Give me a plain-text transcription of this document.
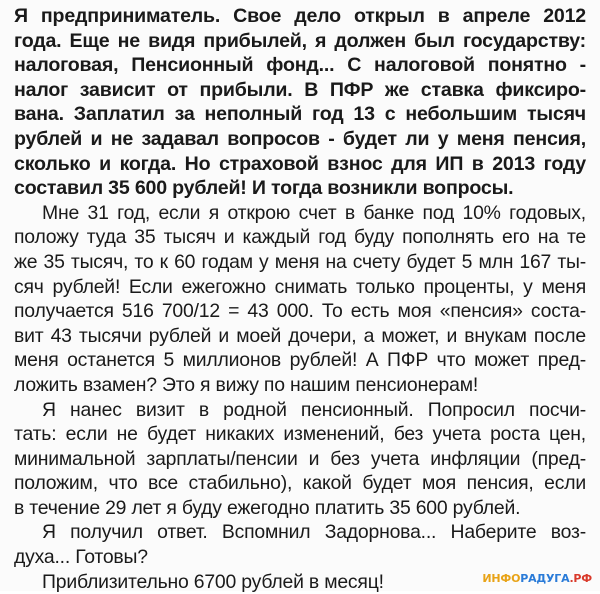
Я предприниматель. Свое дело открыл в апреле 2012
года. Еще не видя прибылей, я должен был государству:
налоговая, Пенсионный фонд... С налоговой понятно -
налог зависит от прибыли. В ПФР же ставка фиксиро-
вана. Заплатил за неполный год 13 с небольшим тысяч
рублей и не задавал вопросов - будет ли у меня пенсия,
сколько и когда. Но страховой взнос для ИП в 2013 году
составил 35 600 рублей! И тогда возникли вопросы.
Мне 31 год, если я открою счет в банке под 10% годовых,
положу туда 35 тысяч и каждый год буду пополнять его на те
же 35 тысяч, то к 60 годам у меня на счету будет 5 млн 167 ты-
сяч рублей! Если ежегожно снимать только проценты, у меня
получается 516 700/12 = 43 000. То есть моя «пенсия» соста-
вит 43 тысячи рублей и моей дочери, а может, и внукам после
меня останется 5 миллионов рублей! А ПФР что может пред-
ложить взамен? Это я вижу по нашим пенсионерам!
Я нанес визит в родной пенсионный. Попросил посчи-
тать: если не будет никаких изменений, без учета роста цен,
минимальной зарплаты/пенсии и без учета инфляции (пред-
положим, что все стабильно), какой будет моя пенсия, если
в течение 29 лет я буду ежегодно платить 35 600 рублей.
Я получил ответ. Вспомнил Задорнова... Наберите воз-
духа... Готовы?
Приблизительно 6700 рублей в месяц!	ИНФОРАДУГА.РФ
